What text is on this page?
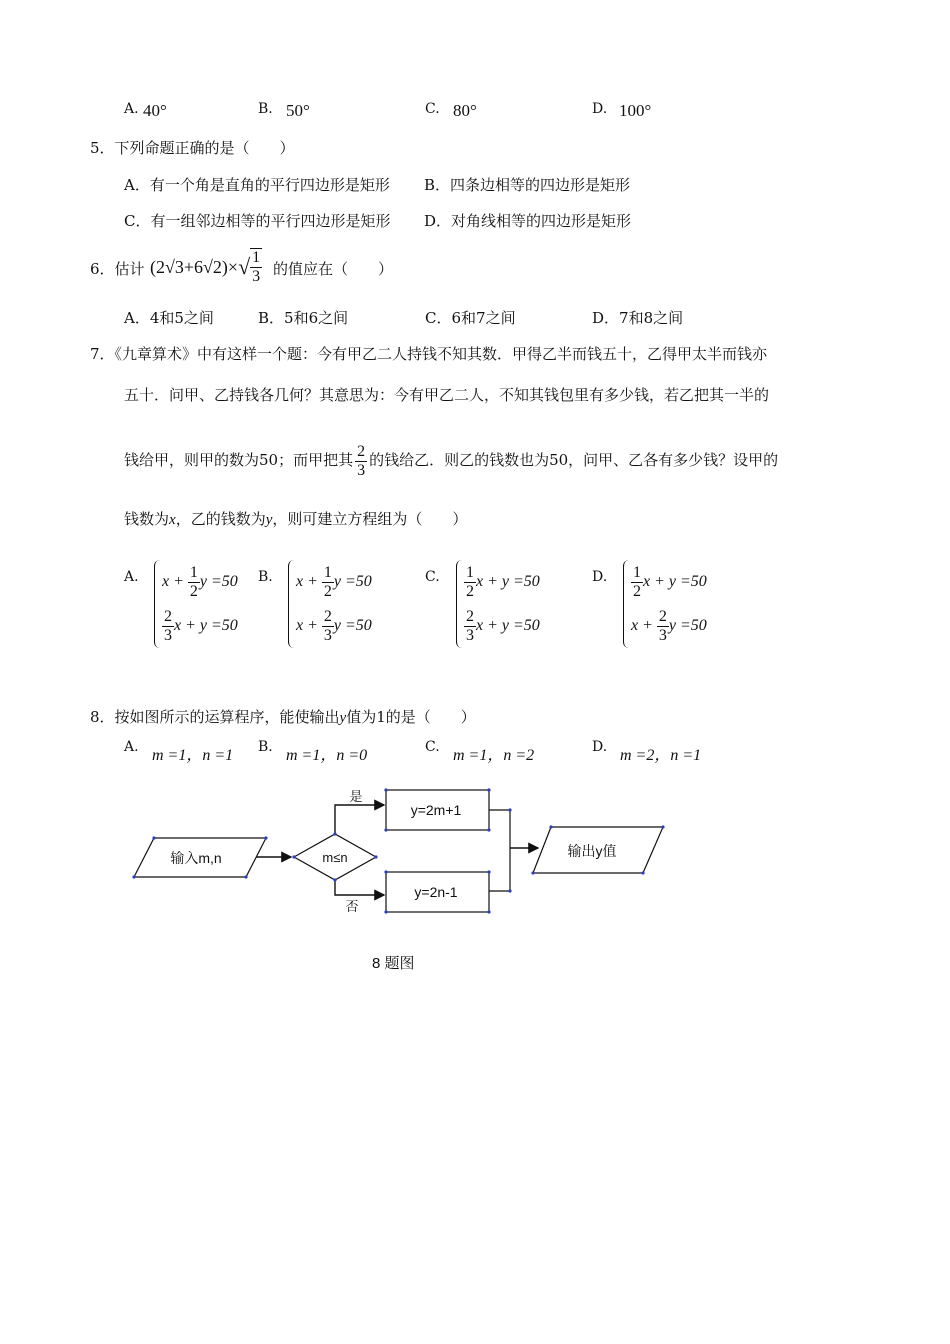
A. 40°	B. 50°	C. 80°	D. 100°
5．下列命题正确的是（　　）
A．有一个角是直角的平行四边形是矩形 B．四条边相等的四边形是矩形
C．有一组邻边相等的平行四边形是矩形 D．对角线相等的四边形是矩形
6．估计 $(2√3+6√2)\times√ \frac{1}{3}$ 的值应在（　　）
A．4和5之间	B．5和6之间	C．6和7之间	D．7和8之间
7．《九章算术》中有这样一个题：今有甲乙二人持钱不知其数．甲得乙半而钱五十，乙得甲太半而钱亦
五十．问甲、乙持钱各几何？其意思为：今有甲乙二人，不知其钱包里有多少钱，若乙把其一半的
钱给甲，则甲的数为50；而甲把其 $\frac{2}{3}$ 的钱给乙．则乙的钱数也为50，问甲、乙各有多少钱？设甲的
钱数为x，乙的钱数为y，则可建立方程组为（　　）
A.	B.	C.	D.
$x + \frac{1}{2}$ y =50
$\frac{2}{3}$ x + y =50
$x + \frac{1}{2}$ y =50
$x + \frac{2}{3}$ y =50
$\frac{1}{2}$ x + y =50
$\frac{2}{3}$ x + y =50
$\frac{1}{2}$ x + y =50
$x + \frac{2}{3}$ y =50
8．按如图所示的运算程序，能使输出y值为1的是（　　）
A. m =1，n =1 B. m =1，n =0	C. m =1，n =2	D. m =2，n =1
输入m,n	m≤n
是
否
y=2m+1
y=2n-1
输出y值
8 题图
